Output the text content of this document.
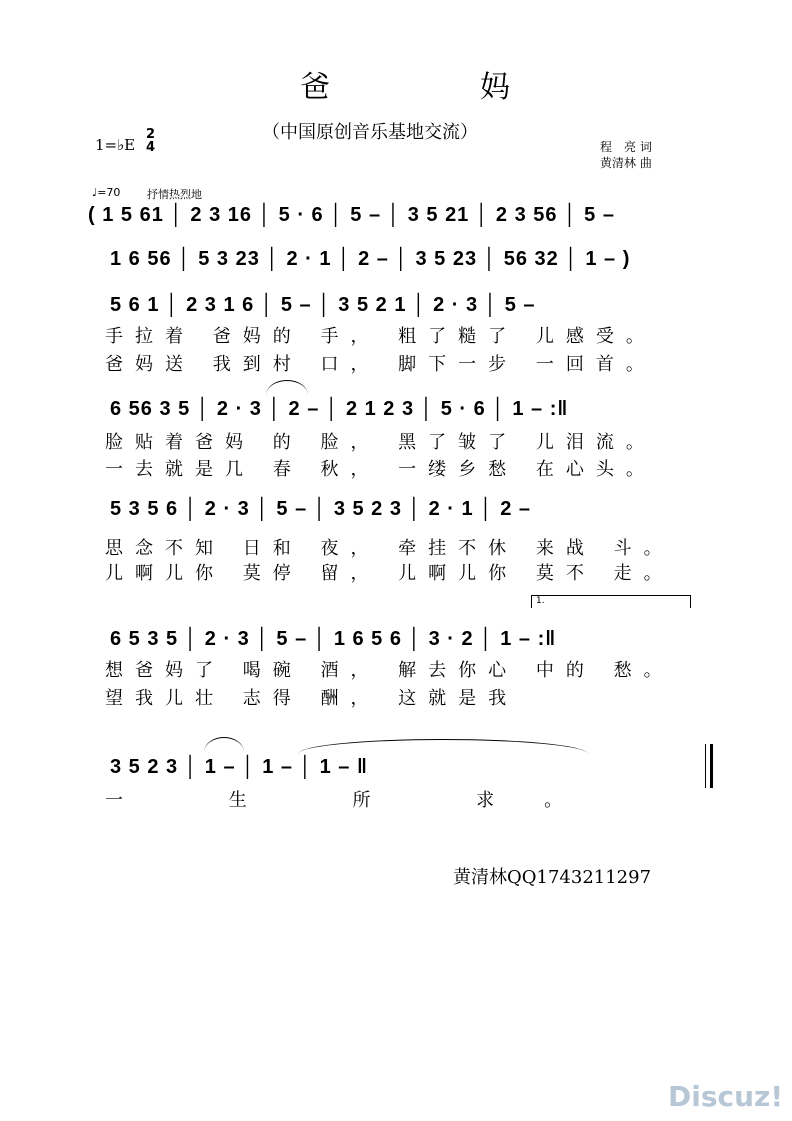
爸　　　　　妈
（中国原创音乐基地交流）
1=♭E
2
4	程　亮 词
黄清林 曲
♩=70 抒情热烈地
( 1 5 61 │ 2 3 16 │ 5 · 6 │ 5 – │ 3 5 21 │ 2 3 56 │ 5 –
1 6 56 │ 5 3 23 │ 2 · 1 │ 2 – │ 3 5 23 │ 56 32 │ 1 – )
5 6 1 │ 2 3 1 6 │ 5 – │ 3 5 2 1 │ 2 · 3 │ 5 –
手拉着 爸妈的 手， 粗了糙了 儿感受。
爸妈送 我到村 口， 脚下一步 一回首。
6 56 3 5 │ 2 · 3 │ 2 – │ 2 1 2 3 │ 5 · 6 │ 1 – :‖
脸贴着爸妈 的 脸， 黑了皱了 儿泪流。
一去就是几 春 秋， 一缕乡愁 在心头。
5 3 5 6 │ 2 · 3 │ 5 – │ 3 5 2 3 │ 2 · 1 │ 2 –
思念不知 日和 夜， 牵挂不休 来战 斗。
儿啊儿你 莫停 留， 儿啊儿你 莫不 走。
1.
6 5 3 5 │ 2 · 3 │ 5 – │ 1 6 5 6 │ 3 · 2 │ 1 – :‖
想爸妈了 喝碗 酒， 解去你心 中的 愁。
望我儿壮 志得 酬， 这就是我
3 5 2 3 │ 1 – │ 1 – │ 1 – ‖
一 生 所 求。
黄清林QQ1743211297
Discuz!
